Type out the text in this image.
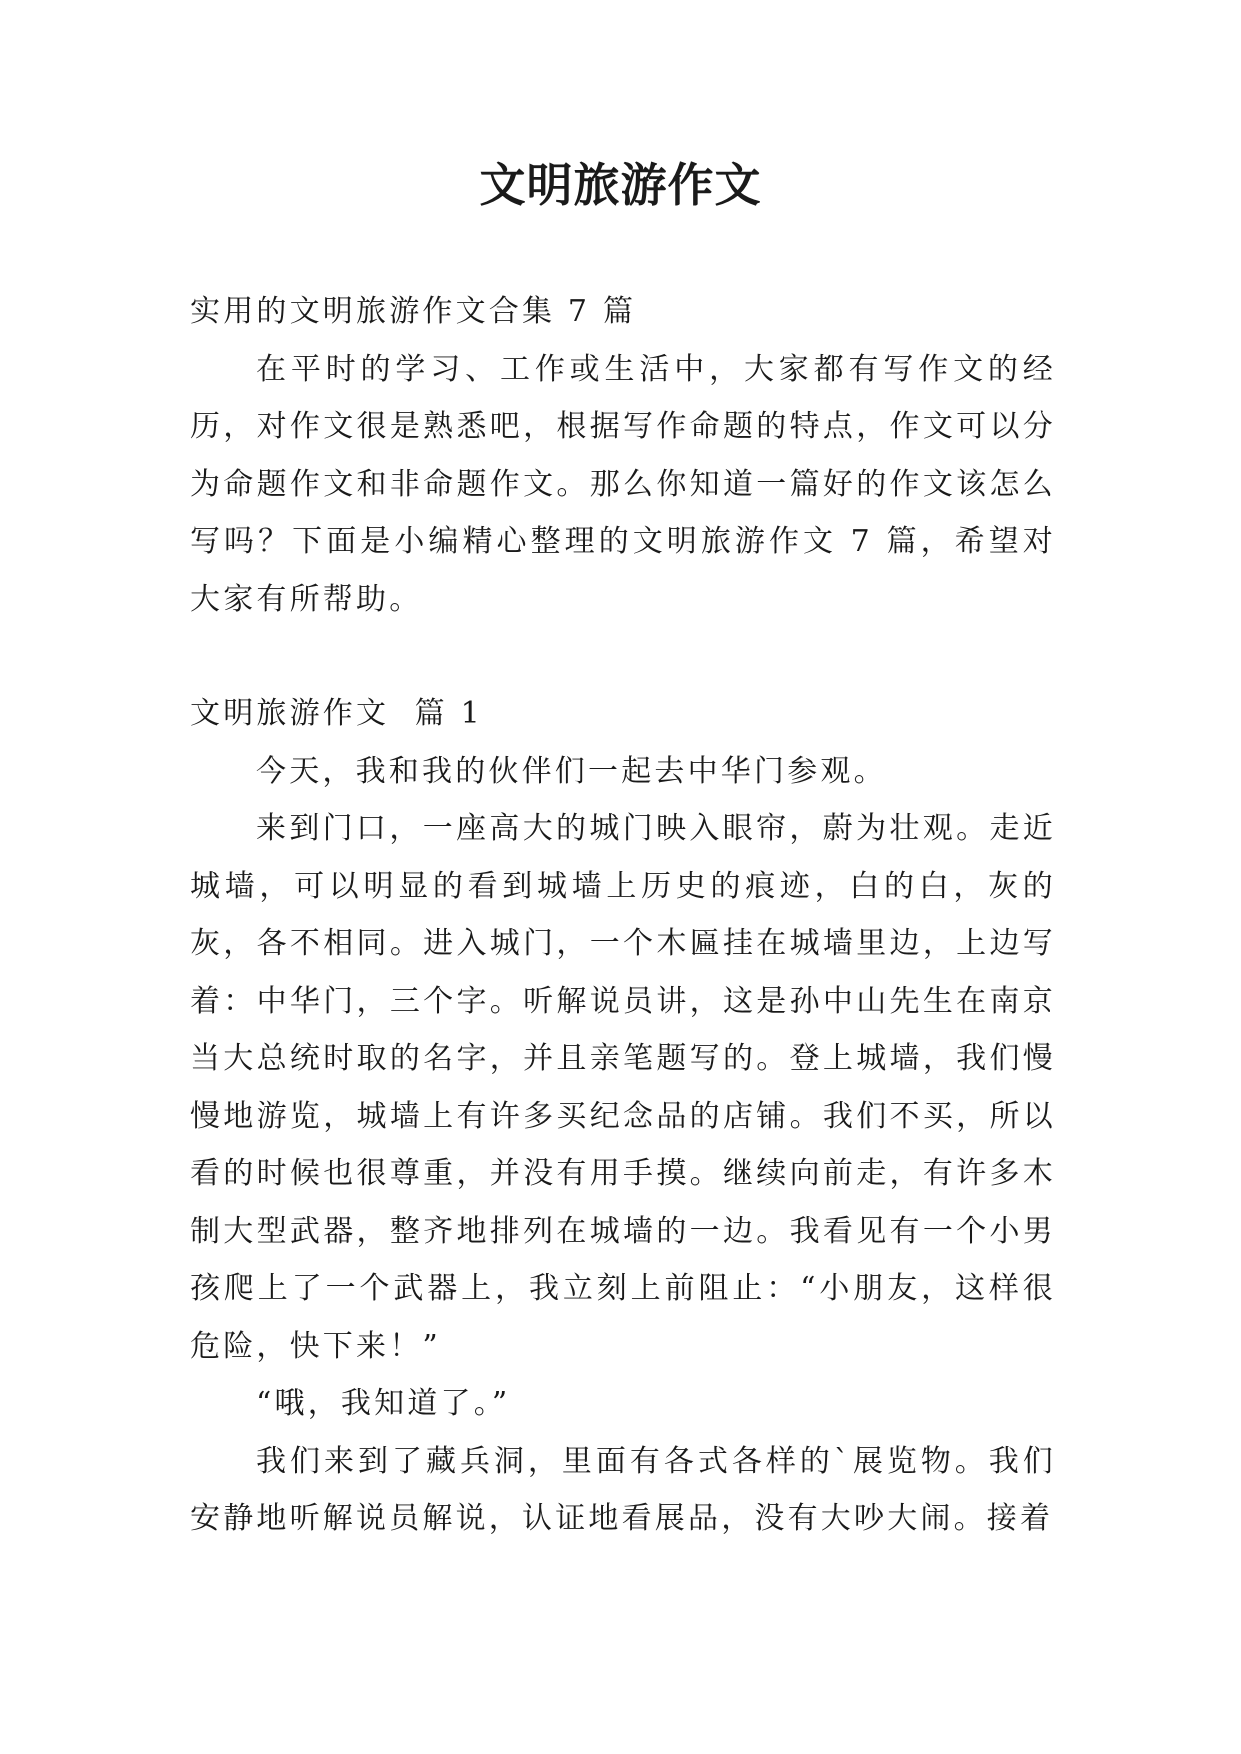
文明旅游作文

实用的文明旅游作文合集 7 篇

在平时的学习、工作或生活中，大家都有写作文的经历，对作文很是熟悉吧，根据写作命题的特点，作文可以分为命题作文和非命题作文。那么你知道一篇好的作文该怎么写吗？下面是小编精心整理的文明旅游作文 7 篇，希望对大家有所帮助。

文明旅游作文  篇 1

今天，我和我的伙伴们一起去中华门参观。

来到门口，一座高大的城门映入眼帘，蔚为壮观。走近城墙，可以明显的看到城墙上历史的痕迹，白的白，灰的灰，各不相同。进入城门，一个木匾挂在城墙里边，上边写着：中华门，三个字。听解说员讲，这是孙中山先生在南京当大总统时取的名字，并且亲笔题写的。登上城墙，我们慢慢地游览，城墙上有许多买纪念品的店铺。我们不买，所以看的时候也很尊重，并没有用手摸。继续向前走，有许多木制大型武器，整齐地排列在城墙的一边。我看见有一个小男孩爬上了一个武器上，我立刻上前阻止：“小朋友，这样很危险，快下来！”

“哦，我知道了。”

我们来到了藏兵洞，里面有各式各样的`展览物。我们安静地听解说员解说，认证地看展品，没有大吵大闹。接着
